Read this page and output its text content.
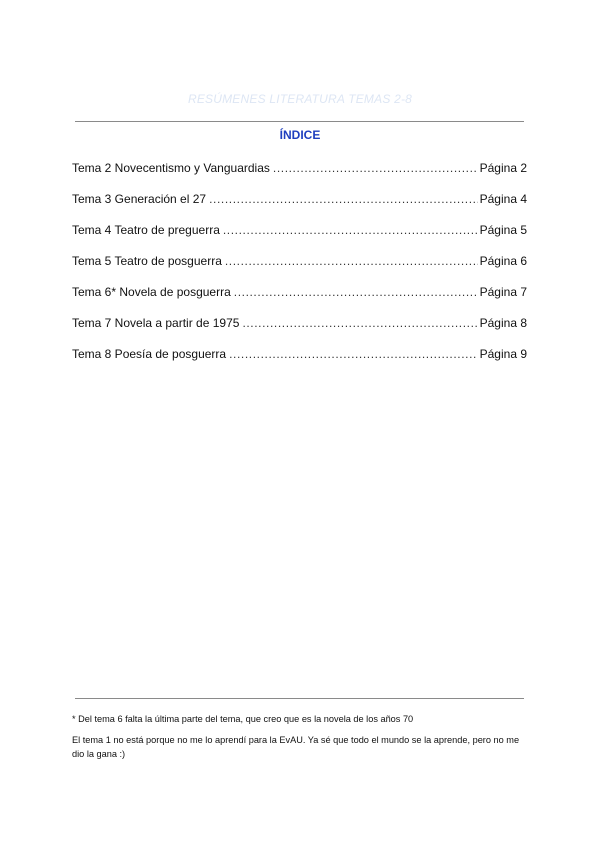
RESÚMENES LITERATURA TEMAS 2-8
ÍNDICE
Tema 2 Novecentismo y Vanguardias .....	Página 2
Tema 3 Generación el 27 .....	Página 4
Tema 4 Teatro de preguerra .....	Página 5
Tema 5 Teatro de posguerra .....	Página 6
Tema 6* Novela de posguerra .....	Página 7
Tema 7 Novela a partir de 1975 .....	Página 8
Tema 8 Poesía de posguerra .....	Página 9

* Del tema 6 falta la última parte del tema, que creo que es la novela de los años 70

El tema 1 no está porque no me lo aprendí para la EvAU. Ya sé que todo el mundo se la aprende, pero no me dio la gana :)
